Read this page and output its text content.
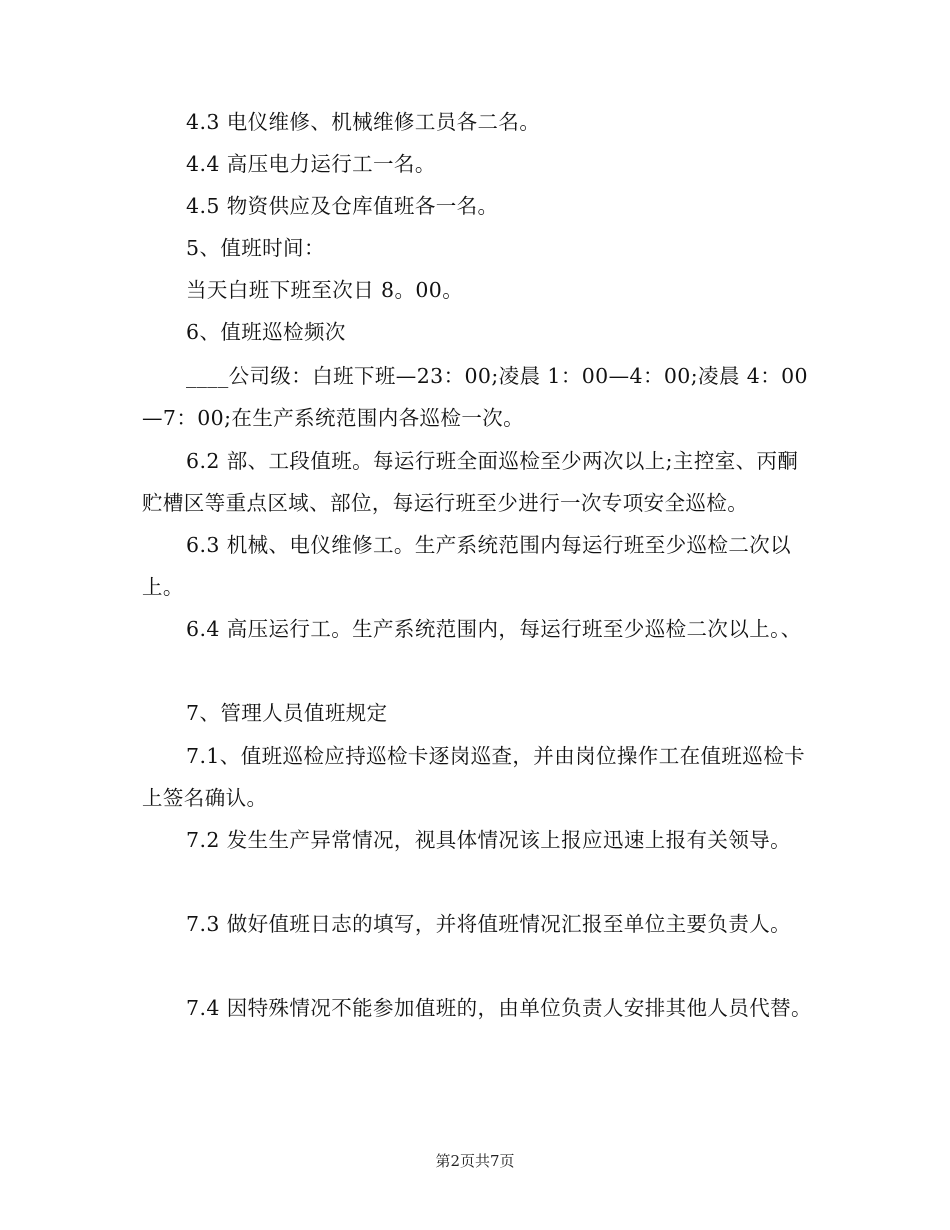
4.3 电仪维修、机械维修工员各二名。

4.4 高压电力运行工一名。

4.5 物资供应及仓库值班各一名。

5、值班时间：

当天白班下班至次日 8。00。

6、值班巡检频次

____公司级：白班下班—23：00;凌晨 1：00—4：00;凌晨 4：00—7：00;在生产系统范围内各巡检一次。

6.2 部、工段值班。每运行班全面巡检至少两次以上;主控室、丙酮贮槽区等重点区域、部位，每运行班至少进行一次专项安全巡检。

6.3 机械、电仪维修工。生产系统范围内每运行班至少巡检二次以上。

6.4 高压运行工。生产系统范围内，每运行班至少巡检二次以上。、

7、管理人员值班规定

7.1、值班巡检应持巡检卡逐岗巡查，并由岗位操作工在值班巡检卡上签名确认。

7.2 发生生产异常情况，视具体情况该上报应迅速上报有关领导。

7.3 做好值班日志的填写，并将值班情况汇报至单位主要负责人。

7.4 因特殊情况不能参加值班的，由单位负责人安排其他人员代替。

第2页共7页
